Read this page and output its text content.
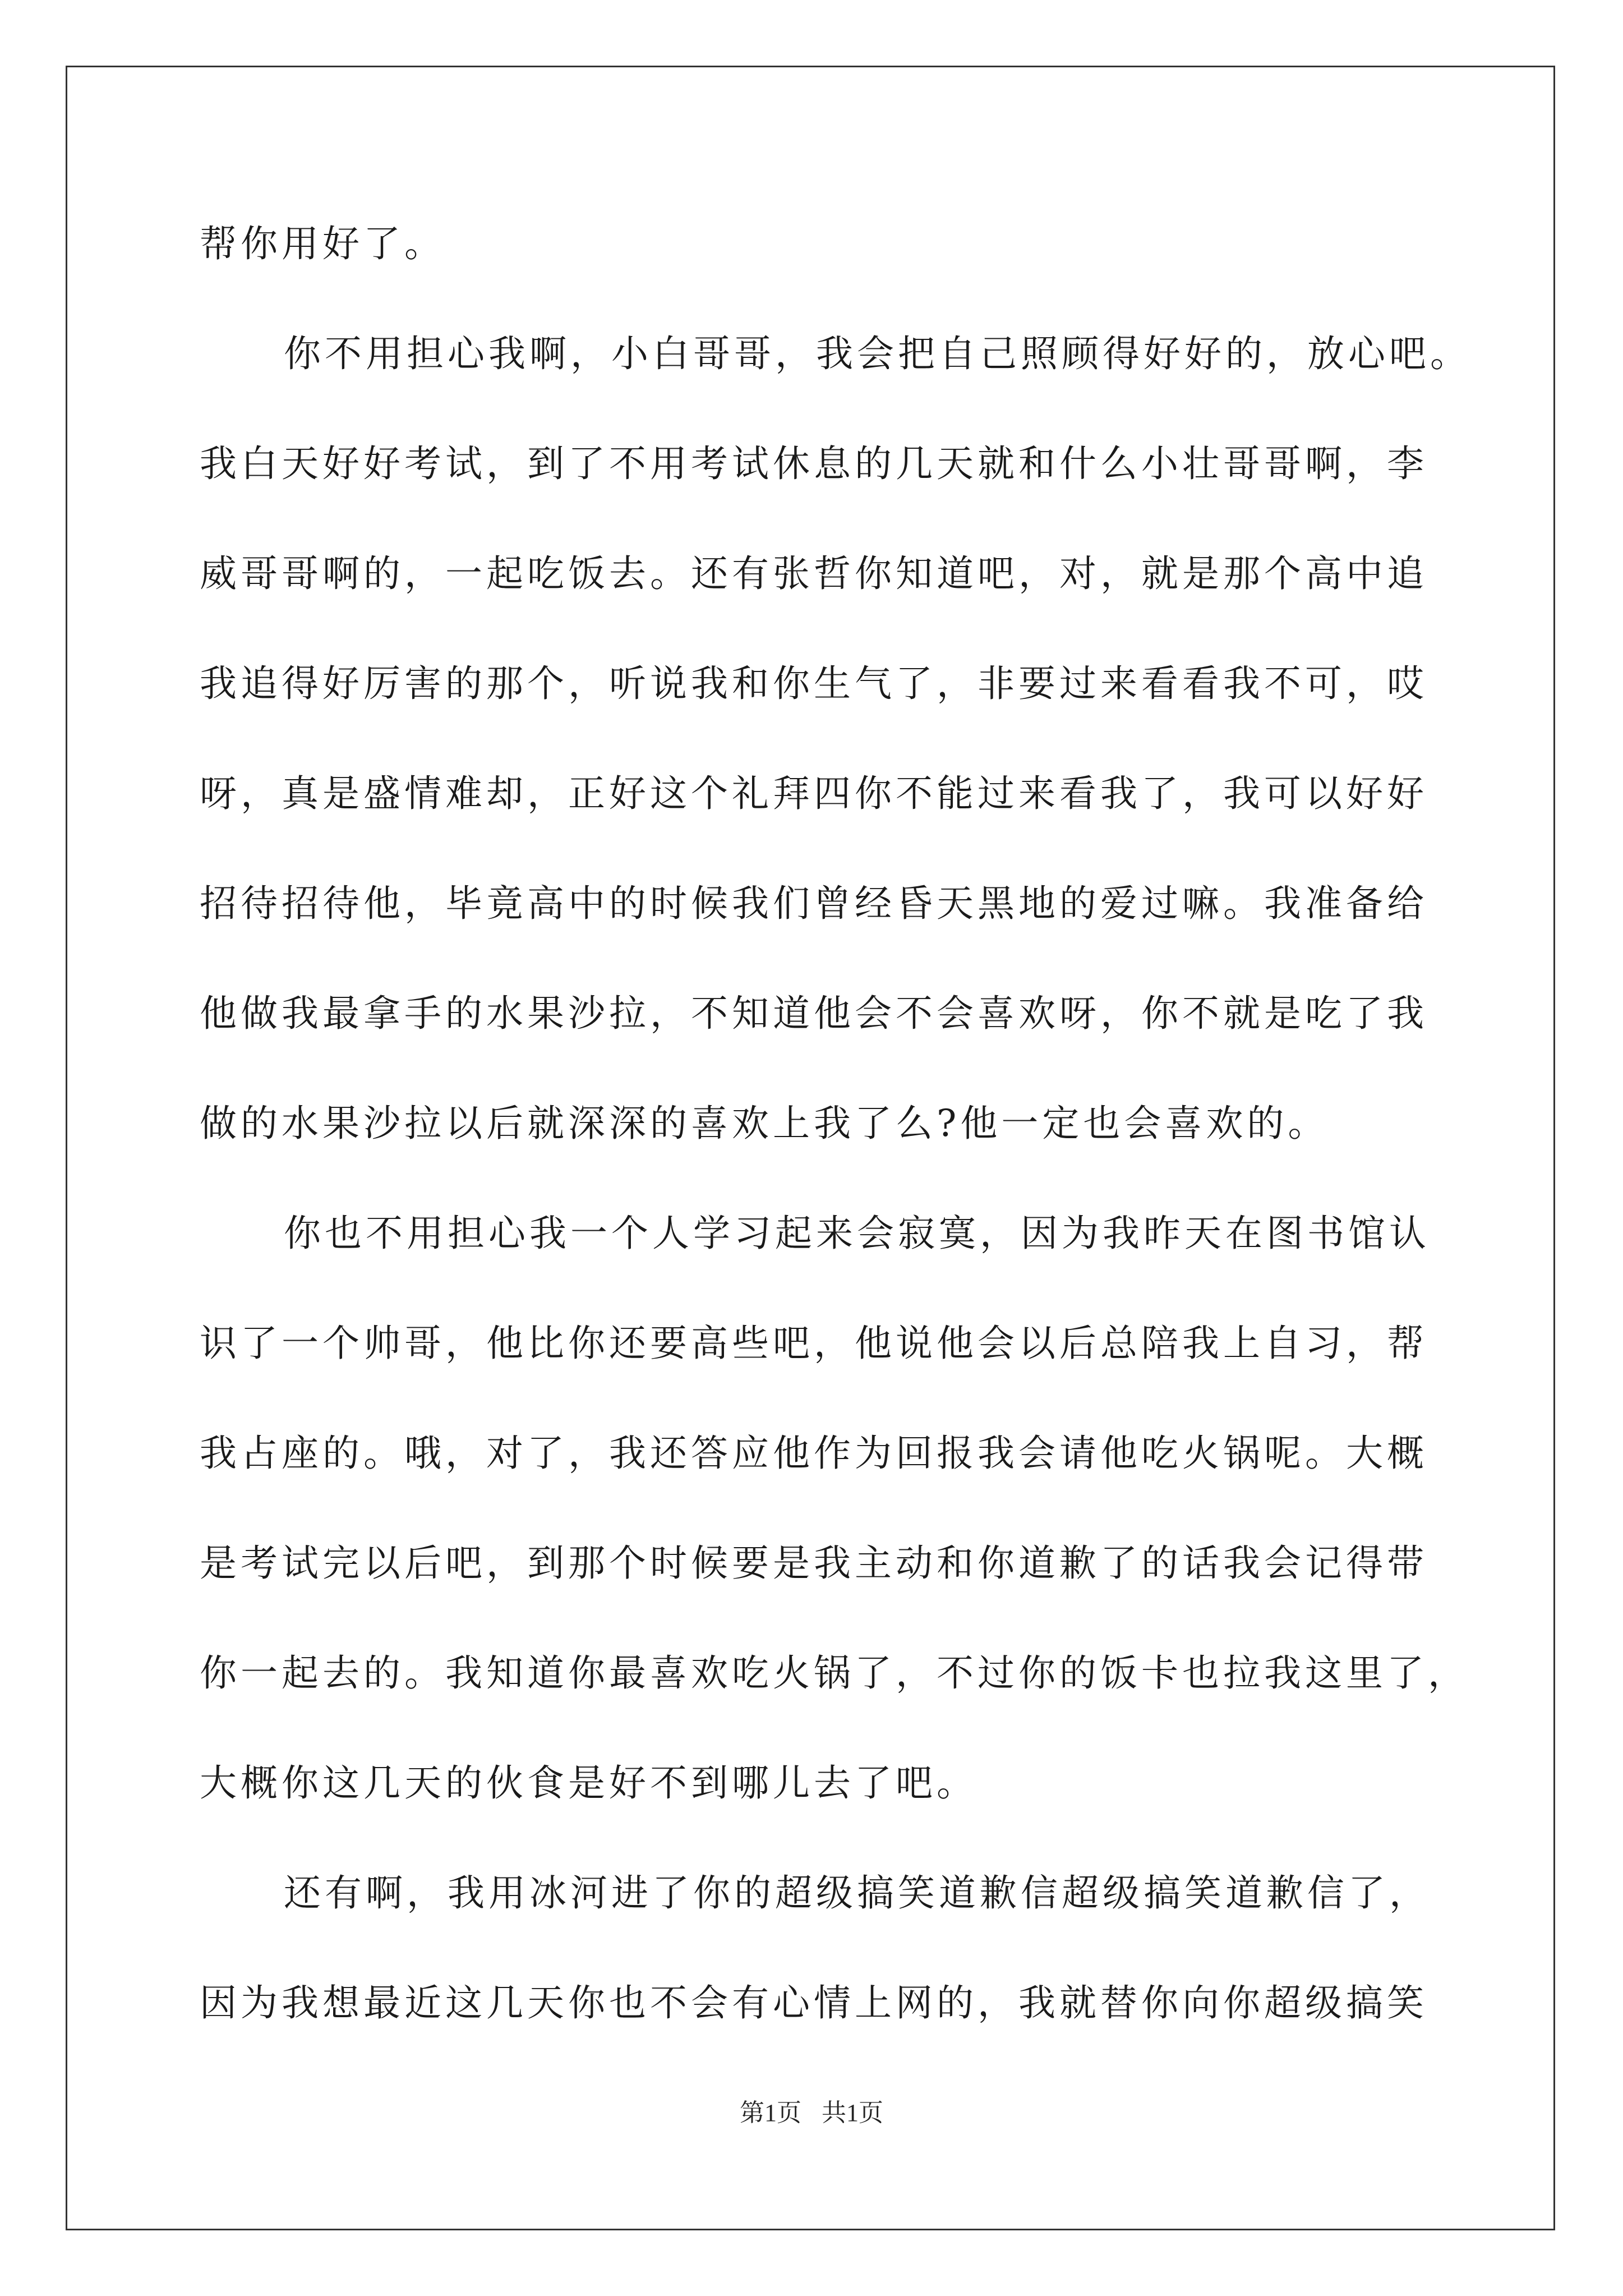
帮你用好了。
你不用担心我啊，小白哥哥，我会把自己照顾得好好的，放心吧。
我白天好好考试，到了不用考试休息的几天就和什么小壮哥哥啊，李
威哥哥啊的，一起吃饭去。还有张哲你知道吧，对，就是那个高中追
我追得好厉害的那个，听说我和你生气了，非要过来看看我不可，哎
呀，真是盛情难却，正好这个礼拜四你不能过来看我了，我可以好好
招待招待他，毕竟高中的时候我们曾经昏天黑地的爱过嘛。我准备给
他做我最拿手的水果沙拉，不知道他会不会喜欢呀，你不就是吃了我
做的水果沙拉以后就深深的喜欢上我了么?他一定也会喜欢的。
你也不用担心我一个人学习起来会寂寞，因为我昨天在图书馆认
识了一个帅哥，他比你还要高些吧，他说他会以后总陪我上自习，帮
我占座的。哦，对了，我还答应他作为回报我会请他吃火锅呢。大概
是考试完以后吧，到那个时候要是我主动和你道歉了的话我会记得带
你一起去的。我知道你最喜欢吃火锅了，不过你的饭卡也拉我这里了，
大概你这几天的伙食是好不到哪儿去了吧。
还有啊，我用冰河进了你的超级搞笑道歉信超级搞笑道歉信了，
因为我想最近这几天你也不会有心情上网的，我就替你向你超级搞笑
第1页 共1页
